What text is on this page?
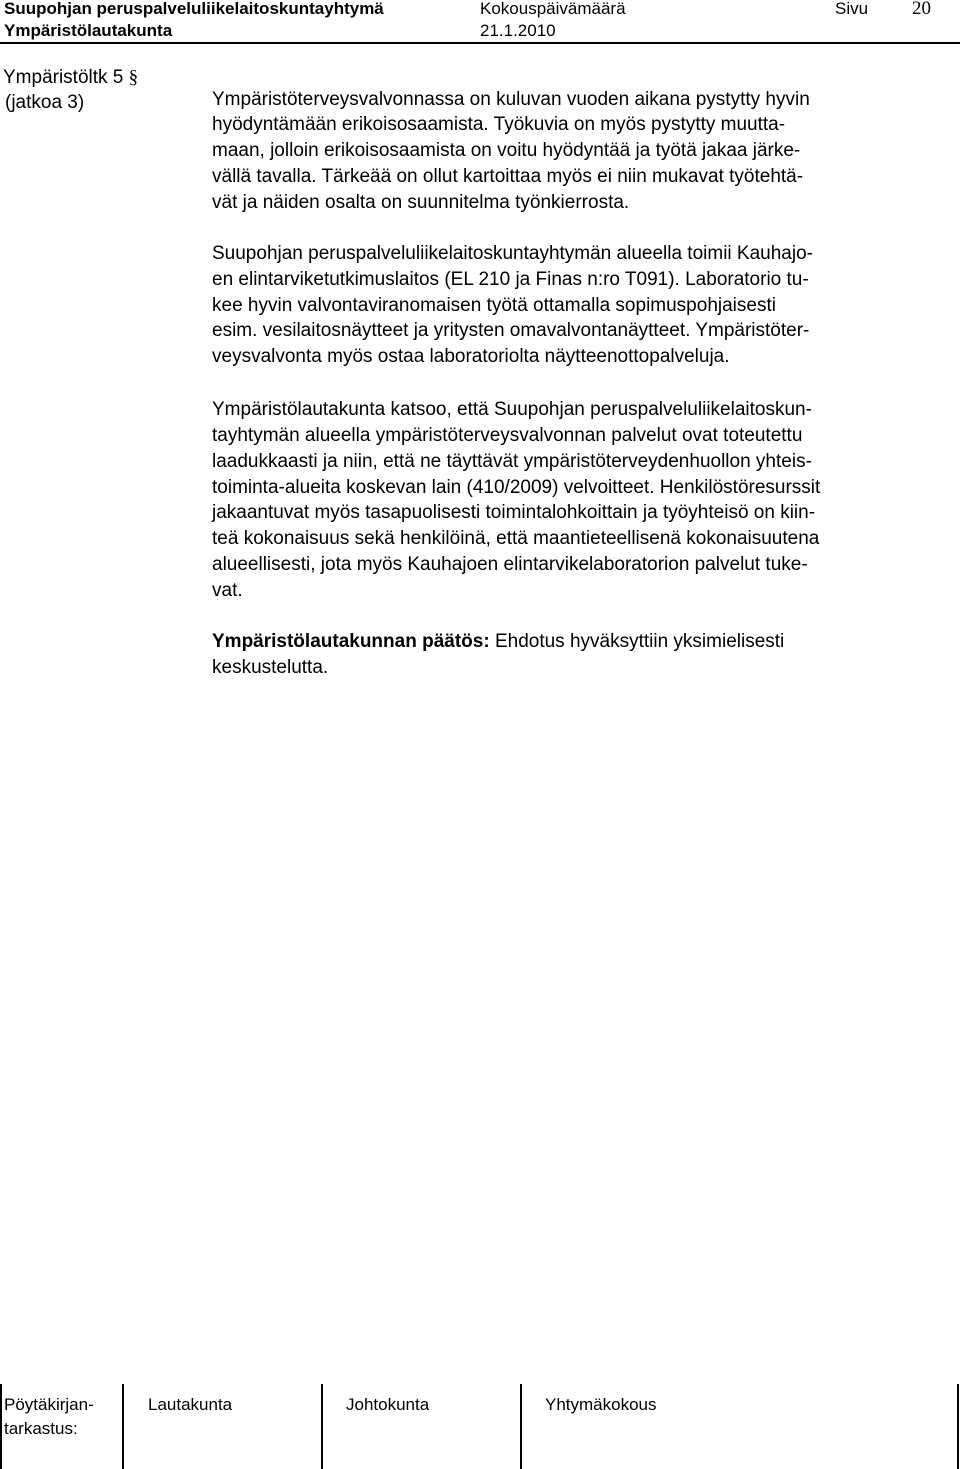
Suupohjan peruspalveluliikelaitoskuntayhtymä
Ympäristölautakunta
Kokouspäivämäärä
21.1.2010
Sivu 20
Ympäristöltk 5 §
(jatkoa 3)	Ympäristöterveysvalvonnassa on kuluvan vuoden aikana pystytty hyvin
hyödyntämään erikoisosaamista. Työkuvia on myös pystytty muutta-
maan, jolloin erikoisosaamista on voitu hyödyntää ja työtä jakaa järke-
vällä tavalla. Tärkeää on ollut kartoittaa myös ei niin mukavat työtehtä-
vät ja näiden osalta on suunnitelma työnkierrosta.
Suupohjan peruspalveluliikelaitoskuntayhtymän alueella toimii Kauhajo-
en elintarviketutkimuslaitos (EL 210 ja Finas n:ro T091). Laboratorio tu-
kee hyvin valvontaviranomaisen työtä ottamalla sopimuspohjaisesti
esim. vesilaitosnäytteet ja yritysten omavalvontanäytteet. Ympäristöter-
veysvalvonta myös ostaa laboratoriolta näytteenottopalveluja.
Ympäristölautakunta katsoo, että Suupohjan peruspalveluliikelaitoskun-
tayhtymän alueella ympäristöterveysvalvonnan palvelut ovat toteutettu
laadukkaasti ja niin, että ne täyttävät ympäristöterveydenhuollon yhteis-
toiminta-alueita koskevan lain (410/2009) velvoitteet. Henkilöstöresurssit
jakaantuvat myös tasapuolisesti toimintalohkoittain ja työyhteisö on kiin-
teä kokonaisuus sekä henkilöinä, että maantieteellisenä kokonaisuutena
alueellisesti, jota myös Kauhajoen elintarvikelaboratorion palvelut tuke-
vat.
Ympäristölautakunnan päätös: Ehdotus hyväksyttiin yksimielisesti
keskustelutta.
Pöytäkirjan-
tarkastus:
Lautakunta	Johtokunta	Yhtymäkokous
